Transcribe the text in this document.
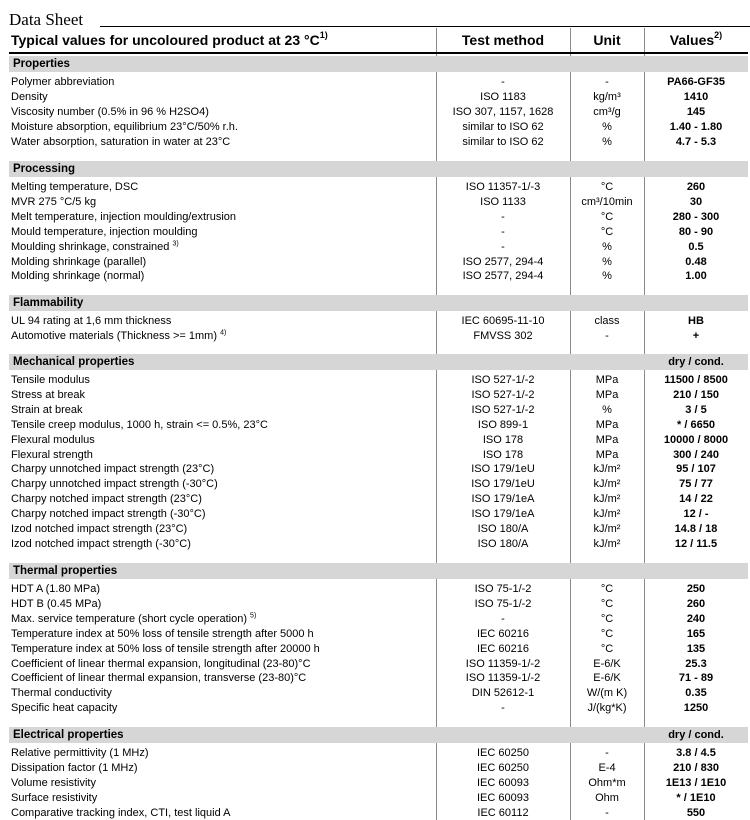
Data Sheet
Typical values for uncoloured product at 23 $^\circ C^{1)}$	Test method	Unit	Values$^{2)}$
Properties
Polymer abbreviation	-	-	PA66-GF35
Density	ISO 1183	kg/m³	1410
Viscosity number (0.5% in 96 % H2SO4)	ISO 307, 1157, 1628	cm³/g	145
Moisture absorption, equilibrium 23°C/50% r.h.	similar to ISO 62	%	1.40 - 1.80
Water absorption, saturation in water at 23°C	similar to ISO 62	%	4.7 - 5.3
Processing
Melting temperature, DSC	ISO 11357-1/-3	°C	260
MVR 275 °C/5 kg	ISO 1133	cm³/10min	30
Melt temperature, injection moulding/extrusion	-	°C	280 - 300
Mould temperature, injection moulding	-	°C	80 - 90
Moulding shrinkage, constrained $^{3)}$	-	%	0.5
Molding shrinkage (parallel)	ISO 2577, 294-4	%	0.48
Molding shrinkage (normal)	ISO 2577, 294-4	%	1.00
Flammability
UL 94 rating at 1,6 mm thickness	IEC 60695-11-10	class	HB
Automotive materials (Thickness >= 1mm) $^{4)}$	FMVSS 302	-	+
Mechanical properties	dry / cond.
Tensile modulus	ISO 527-1/-2	MPa	11500 / 8500
Stress at break	ISO 527-1/-2	MPa	210 / 150
Strain at break	ISO 527-1/-2	%	3 / 5
Tensile creep modulus, 1000 h, strain <= 0.5%, 23°C	ISO 899-1	MPa	* / 6650
Flexural modulus	ISO 178	MPa	10000 / 8000
Flexural strength	ISO 178	MPa	300 / 240
Charpy unnotched impact strength (23°C)	ISO 179/1eU	kJ/m²	95 / 107
Charpy unnotched impact strength (-30°C)	ISO 179/1eU	kJ/m²	75 / 77
Charpy notched impact strength (23°C)	ISO 179/1eA	kJ/m²	14 / 22
Charpy notched impact strength (-30°C)	ISO 179/1eA	kJ/m²	12 / -
Izod notched impact strength (23°C)	ISO 180/A	kJ/m²	14.8 / 18
Izod notched impact strength (-30°C)	ISO 180/A	kJ/m²	12 / 11.5
Thermal properties
HDT A (1.80 MPa)	ISO 75-1/-2	°C	250
HDT B (0.45 MPa)	ISO 75-1/-2	°C	260
Max. service temperature (short cycle operation) $^{5)}$	-	°C	240
Temperature index at 50% loss of tensile strength after 5000 h	IEC 60216	°C	165
Temperature index at 50% loss of tensile strength after 20000 h	IEC 60216	°C	135
Coefficient of linear thermal expansion, longitudinal (23-80)°C	ISO 11359-1/-2	E-6/K	25.3
Coefficient of linear thermal expansion, transverse (23-80)°C	ISO 11359-1/-2	E-6/K	71 - 89
Thermal conductivity	DIN 52612-1	W/(m K)	0.35
Specific heat capacity	-	J/(kg*K)	1250
Electrical properties	dry / cond.
Relative permittivity (1 MHz)	IEC 60250	-	3.8 / 4.5
Dissipation factor (1 MHz)	IEC 60250	E-4	210 / 830
Volume resistivity	IEC 60093	Ohm*m	1E13 / 1E10
Surface resistivity	IEC 60093	Ohm	* / 1E10
Comparative tracking index, CTI, test liquid A	IEC 60112	-	550
